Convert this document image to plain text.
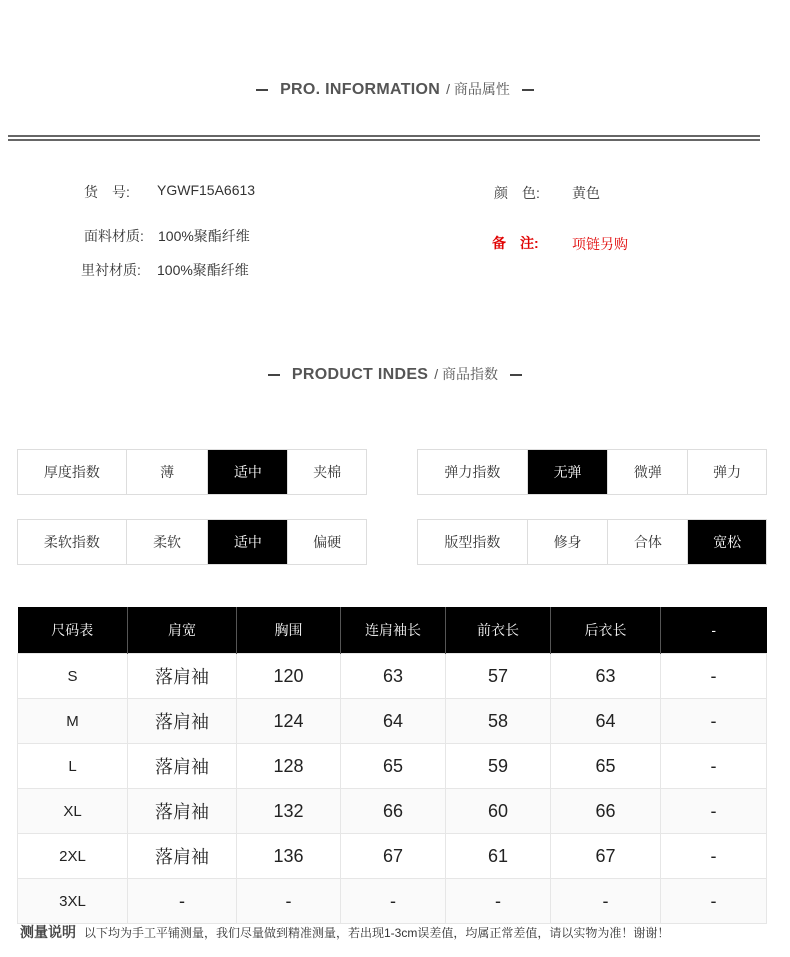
PRO. INFORMATION / 商品属性
货　号: YGWF15A6613
面料材质: 100%聚酯纤维
里衬材质: 100%聚酯纤维
颜　色: 黄色
备　注: 项链另购
PRODUCT INDES / 商品指数
厚度指数	薄	适中	夹棉	弹力指数	无弹	微弹	弹力
柔软指数	柔软	适中	偏硬	版型指数	修身	合体	宽松
尺码表	肩宽	胸围	连肩袖长	前衣长	后衣长	-
S	落肩袖	120	63	57	63	-
M	落肩袖	124	64	58	64	-
L	落肩袖	128	65	59	65	-
XL	落肩袖	132	66	60	66	-
2XL	落肩袖	136	67	61	67	-
3XL	-	-	-	-	-	-
测量说明 以下均为手工平铺测量，我们尽量做到精准测量，若出现1-3cm误差值，均属正常差值，请以实物为准！谢谢！
